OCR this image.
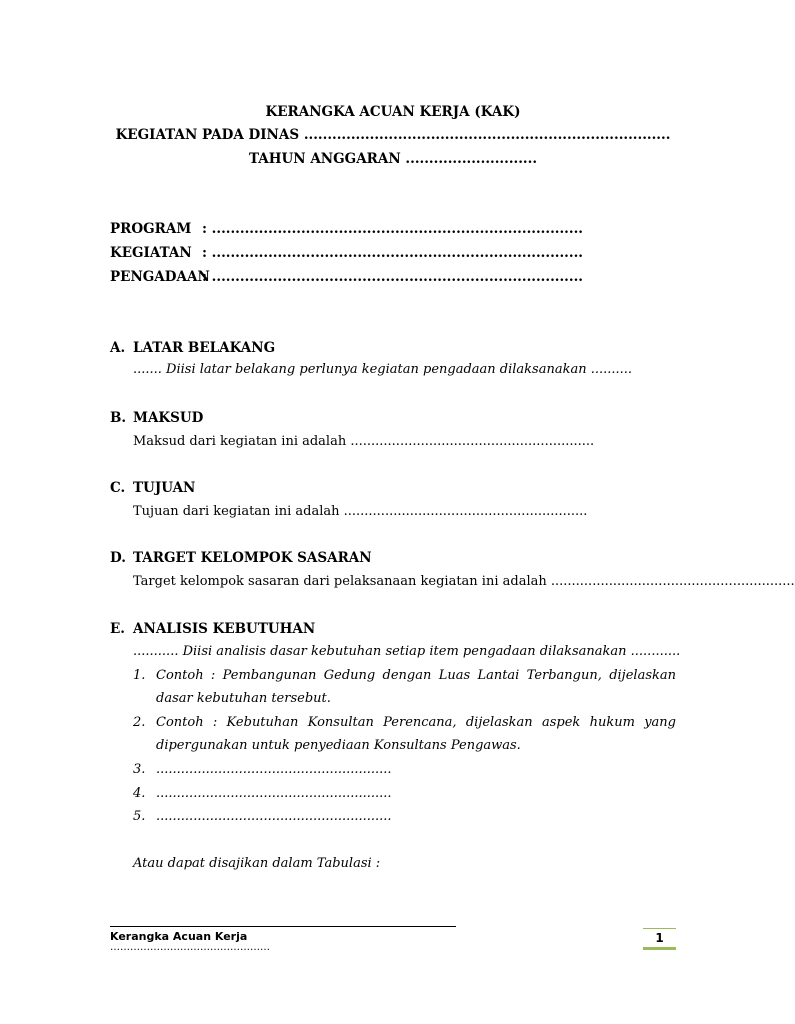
KERANGKA ACUAN KERJA (KAK)
KEGIATAN PADA DINAS ..............................................................................
TAHUN ANGGARAN ............................
PROGRAM : ...............................................................................
KEGIATAN : ...............................................................................
PENGADAAN
: ...............................................................................
A. LATAR BELAKANG
....... Diisi latar belakang perlunya kegiatan pengadaan dilaksanakan ..........
B. MAKSUD
Maksud dari kegiatan ini adalah ...........................................................
C. TUJUAN
Tujuan dari kegiatan ini adalah ...........................................................
D. TARGET KELOMPOK SASARAN
Target kelompok sasaran dari pelaksanaan kegiatan ini adalah ...........................................................
E. ANALISIS KEBUTUHAN
........... Diisi analisis dasar kebutuhan setiap item pengadaan dilaksanakan ............
1. Contoh : Pembangunan Gedung dengan Luas Lantai Terbangun, dijelaskan dasar kebutuhan tersebut.
2. Contoh : Kebutuhan Konsultan Perencana, dijelaskan aspek hukum yang dipergunakan untuk penyediaan Konsultans Pengawas.
3. .........................................................
4. .........................................................
5. .........................................................
Atau dapat disajikan dalam Tabulasi :
Kerangka Acuan Kerja
…………………………………………
1
